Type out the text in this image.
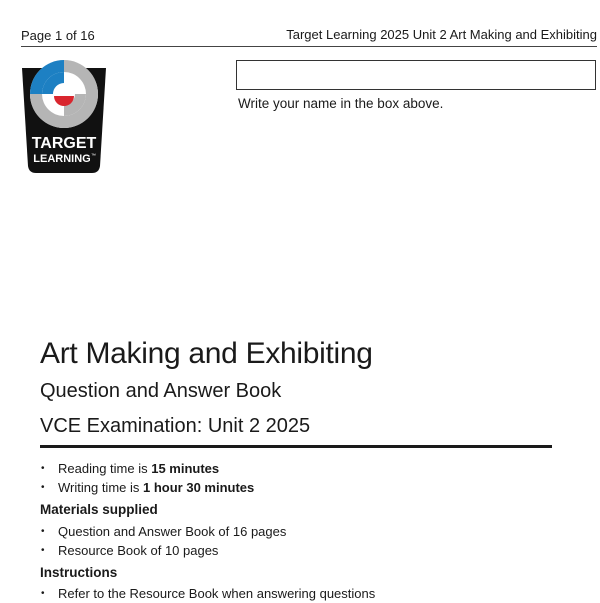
Page 1 of 16	Target Learning 2025 Unit 2 Art Making and Exhibiting
TARGET
LEARNING ™
Write your name in the box above.
Art Making and Exhibiting
Question and Answer Book
VCE Examination: Unit 2 2025
• Reading time is 15 minutes
• Writing time is 1 hour 30 minutes
Materials supplied
• Question and Answer Book of 16 pages
• Resource Book of 10 pages
Instructions
• Refer to the Resource Book when answering questions
